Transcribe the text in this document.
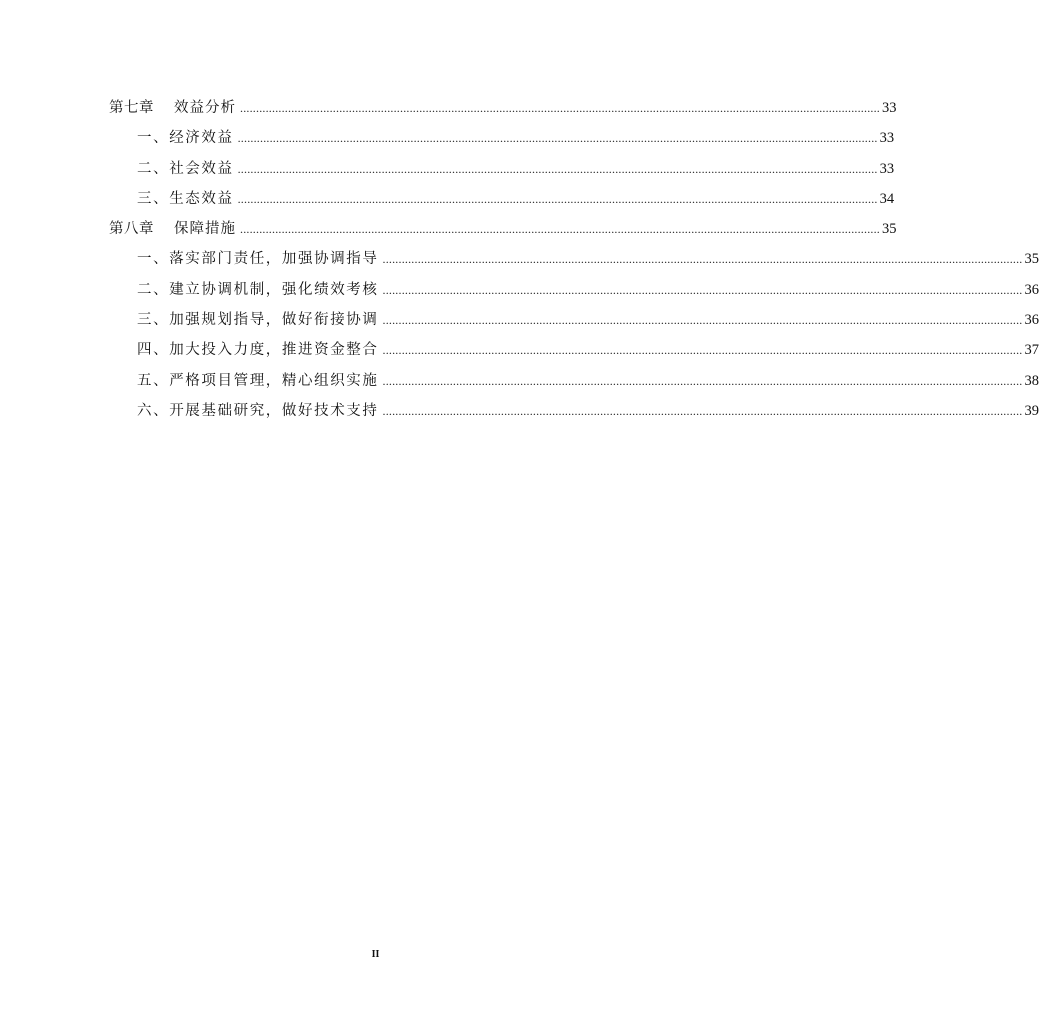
第七章 效益分析 ........................................................................................................................................................................................................ 33
一、经济效益 ........................................................................................................................................................................................................ 33
二、社会效益 ........................................................................................................................................................................................................ 33
三、生态效益 ........................................................................................................................................................................................................ 34
第八章 保障措施 ........................................................................................................................................................................................................ 35
一、落实部门责任，加强协调指导 ........................................................................................................................................................................................................ 35
二、建立协调机制，强化绩效考核 ........................................................................................................................................................................................................ 36
三、加强规划指导，做好衔接协调 ........................................................................................................................................................................................................ 36
四、加大投入力度，推进资金整合 ........................................................................................................................................................................................................ 37
五、严格项目管理，精心组织实施 ........................................................................................................................................................................................................ 38
六、开展基础研究，做好技术支持 ........................................................................................................................................................................................................ 39
II
